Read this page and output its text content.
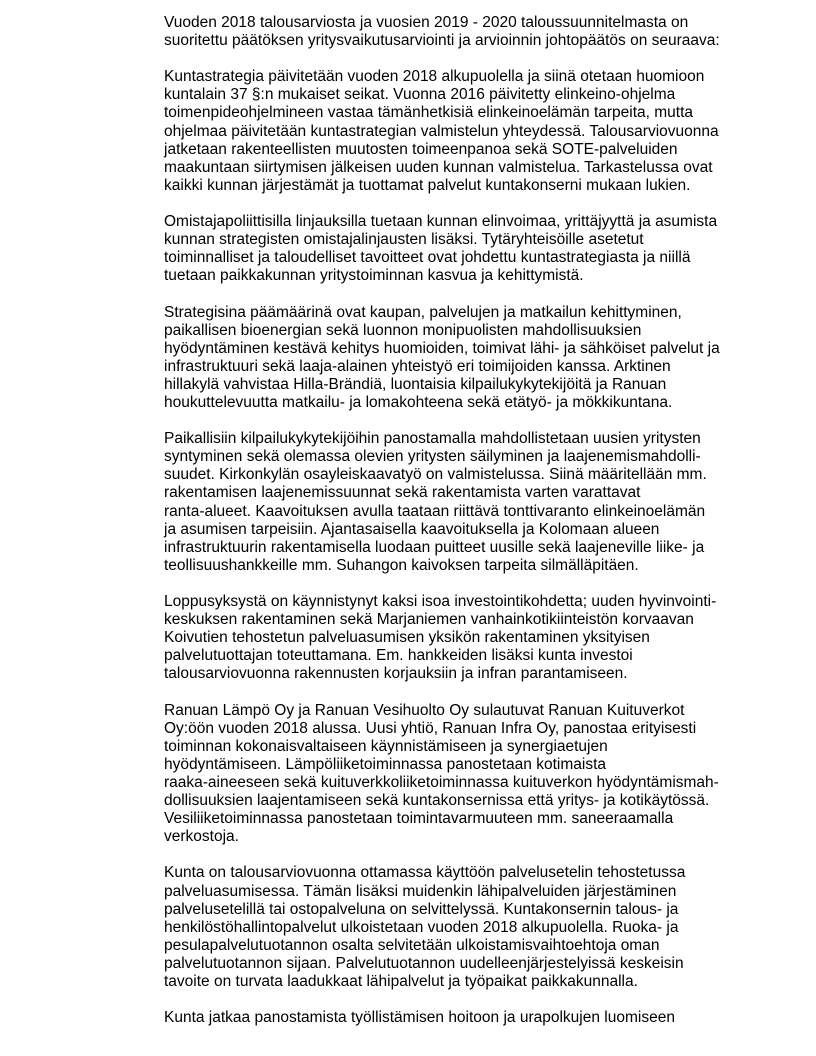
Vuoden 2018 talousarviosta ja vuosien 2019 - 2020 taloussuunnitelmasta on
suoritettu päätöksen yritysvaikutusarviointi ja arvioinnin johtopäätös on seuraava:

Kuntastrategia päivitetään vuoden 2018 alkupuolella ja siinä otetaan huomioon
kuntalain 37 §:n mukaiset seikat. Vuonna 2016 päivitetty elinkeino-ohjelma
toimenpideohjelmineen vastaa tämänhetkisiä elinkeinoelämän tarpeita, mutta
ohjelmaa päivitetään kuntastrategian valmistelun yhteydessä. Talousarviovuonna
jatketaan rakenteellisten muutosten toimeenpanoa sekä SOTE-palveluiden
maakuntaan siirtymisen jälkeisen uuden kunnan valmistelua. Tarkastelussa ovat
kaikki kunnan järjestämät ja tuottamat palvelut kuntakonserni mukaan lukien.

Omistajapoliittisilla linjauksilla tuetaan kunnan elinvoimaa, yrittäjyyttä ja asumista
kunnan strategisten omistajalinjausten lisäksi. Tytäryhteisöille asetetut
toiminnalliset ja taloudelliset tavoitteet ovat johdettu kuntastrategiasta ja niillä
tuetaan paikkakunnan yritystoiminnan kasvua ja kehittymistä.

Strategisina päämäärinä ovat kaupan, palvelujen ja matkailun kehittyminen,
paikallisen bioenergian sekä luonnon monipuolisten mahdollisuuksien
hyödyntäminen kestävä kehitys huomioiden, toimivat lähi- ja sähköiset palvelut ja
infrastruktuuri sekä laaja-alainen yhteistyö eri toimijoiden kanssa. Arktinen
hillakylä vahvistaa Hilla-Brändiä, luontaisia kilpailukykytekijöitä ja Ranuan
houkuttelevuutta matkailu- ja lomakohteena sekä etätyö- ja mökkikuntana.

Paikallisiin kilpailukykytekijöihin panostamalla mahdollistetaan uusien yritysten
syntyminen sekä olemassa olevien yritysten säilyminen ja laajenemismahdolli-
suudet. Kirkonkylän osayleiskaavatyö on valmistelussa. Siinä määritellään mm.
rakentamisen laajenemissuunnat sekä rakentamista varten varattavat
ranta-alueet. Kaavoituksen avulla taataan riittävä tonttivaranto elinkeinoelämän
ja asumisen tarpeisiin. Ajantasaisella kaavoituksella ja Kolomaan alueen
infrastruktuurin rakentamisella luodaan puitteet uusille sekä laajeneville liike- ja
teollisuushankkeille mm. Suhangon kaivoksen tarpeita silmälläpitäen.

Loppusyksystä on käynnistynyt kaksi isoa investointikohdetta; uuden hyvinvointi-
keskuksen rakentaminen sekä Marjaniemen vanhainkotikiinteistön korvaavan
Koivutien tehostetun palveluasumisen yksikön rakentaminen yksityisen
palvelutuottajan toteuttamana. Em. hankkeiden lisäksi kunta investoi
talousarviovuonna rakennusten korjauksiin ja infran parantamiseen.

Ranuan Lämpö Oy ja Ranuan Vesihuolto Oy sulautuvat Ranuan Kuituverkot
Oy:öön vuoden 2018 alussa. Uusi yhtiö, Ranuan Infra Oy, panostaa erityisesti
toiminnan kokonaisvaltaiseen käynnistämiseen ja synergiaetujen
hyödyntämiseen. Lämpöliiketoiminnassa panostetaan kotimaista
raaka-aineeseen sekä kuituverkkoliiketoiminnassa kuituverkon hyödyntämismah-
dollisuuksien laajentamiseen sekä kuntakonsernissa että yritys- ja kotikäytössä.
Vesiliiketoiminnassa panostetaan toimintavarmuuteen mm. saneeraamalla
verkostoja.

Kunta on talousarviovuonna ottamassa käyttöön palvelusetelin tehostetussa
palveluasumisessa. Tämän lisäksi muidenkin lähipalveluiden järjestäminen
palvelusetelillä tai ostopalveluna on selvittelyssä. Kuntakonsernin talous- ja
henkilöstöhallintopalvelut ulkoistetaan vuoden 2018 alkupuolella. Ruoka- ja
pesulapalvelutuotannon osalta selvitetään ulkoistamisvaihtoehtoja oman
palvelutuotannon sijaan. Palvelutuotannon uudelleenjärjestelyissä keskeisin
tavoite on turvata laadukkaat lähipalvelut ja työpaikat paikkakunnalla.

Kunta jatkaa panostamista työllistämisen hoitoon ja urapolkujen luomiseen
